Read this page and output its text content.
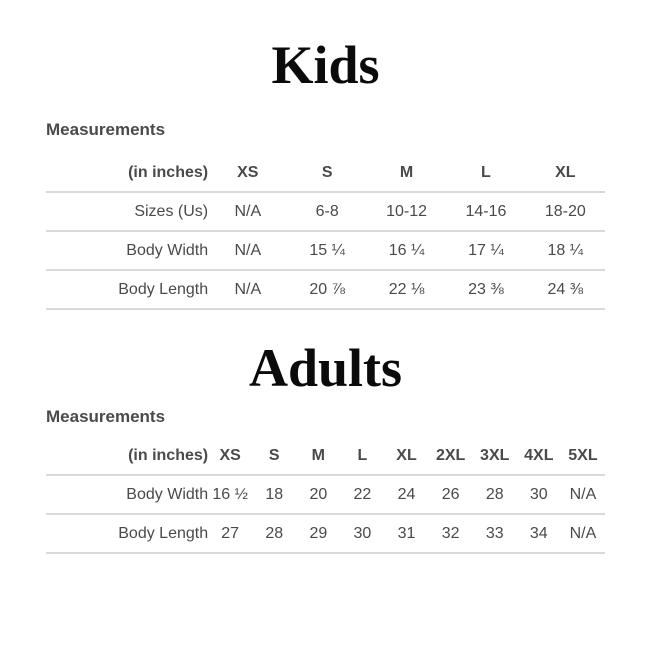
Kids

Measurements

(in inches)	XS	S	M	L	XL
Sizes (Us)	N/A	6-8	10-12	14-16	18-20
Body Width	N/A	15 ¼	16 ¼	17 ¼	18 ¼
Body Length	N/A	20 ⅞	22 ⅛	23 ⅜	24 ⅜
Adults

Measurements

(in inches)	XS	S	M	L	XL	2XL	3XL	4XL	5XL
Body Width	16 ½	18	20	22	24	26	28	30	N/A
Body Length	27	28	29	30	31	32	33	34	N/A
